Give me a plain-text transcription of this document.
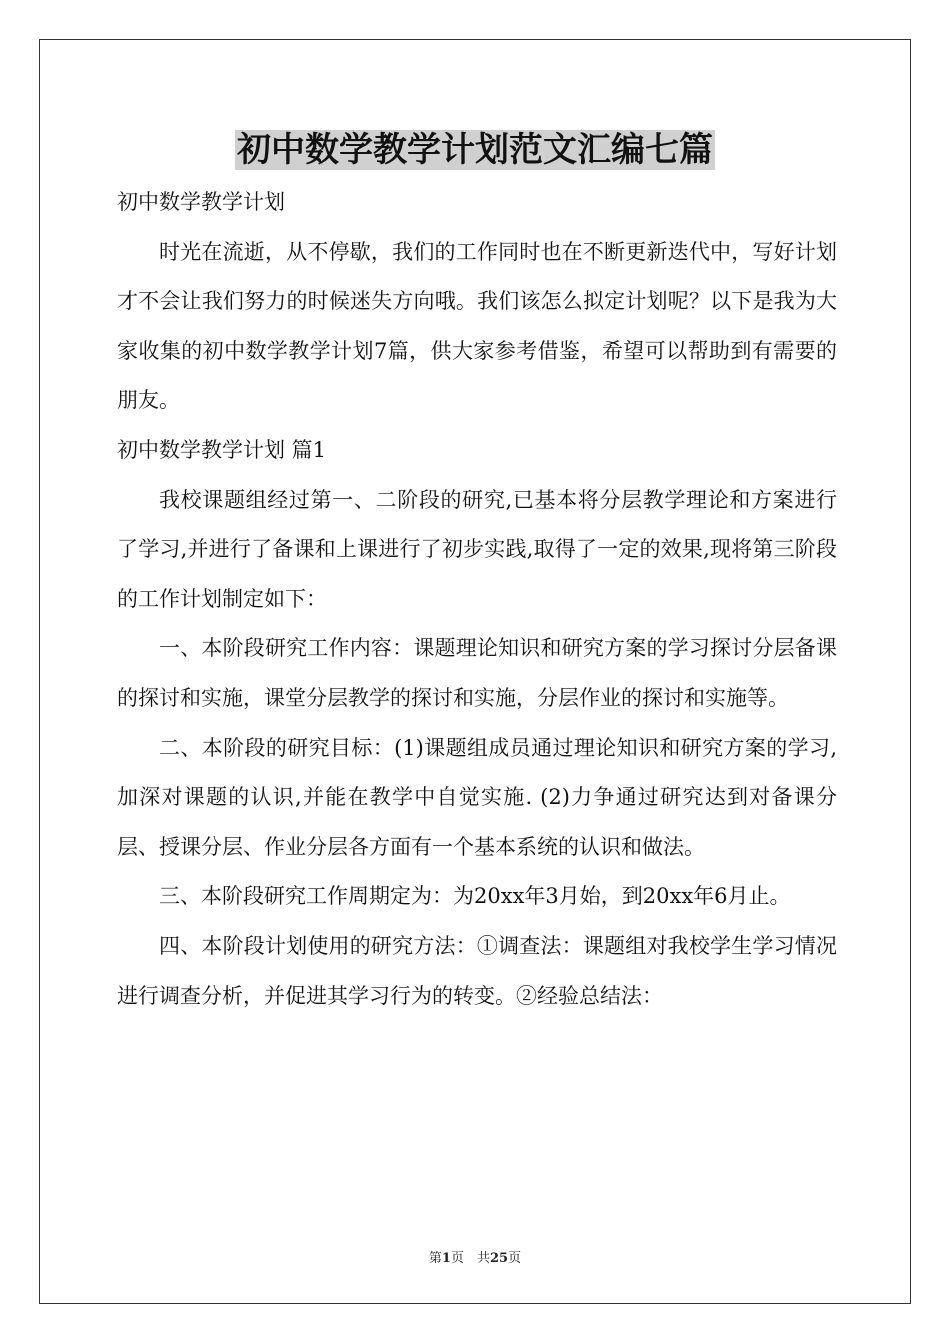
初中数学教学计划范文汇编七篇

初中数学教学计划

时光在流逝，从不停歇，我们的工作同时也在不断更新迭代中，写好计划才不会让我们努力的时候迷失方向哦。我们该怎么拟定计划呢？以下是我为大家收集的初中数学教学计划7篇，供大家参考借鉴，希望可以帮助到有需要的朋友。

初中数学教学计划 篇1

我校课题组经过第一、二阶段的研究,已基本将分层教学理论和方案进行了学习,并进行了备课和上课进行了初步实践,取得了一定的效果,现将第三阶段的工作计划制定如下：

一、本阶段研究工作内容：课题理论知识和研究方案的学习探讨分层备课的探讨和实施，课堂分层教学的探讨和实施，分层作业的探讨和实施等。

二、本阶段的研究目标：(1)课题组成员通过理论知识和研究方案的学习,加深对课题的认识,并能在教学中自觉实施. (2)力争通过研究达到对备课分层、授课分层、作业分层各方面有一个基本系统的认识和做法。

三、本阶段研究工作周期定为：为20xx年3月始，到20xx年6月止。

四、本阶段计划使用的研究方法：①调查法：课题组对我校学生学习情况进行调查分析，并促进其学习行为的转变。②经验总结法：

第1页　共25页
